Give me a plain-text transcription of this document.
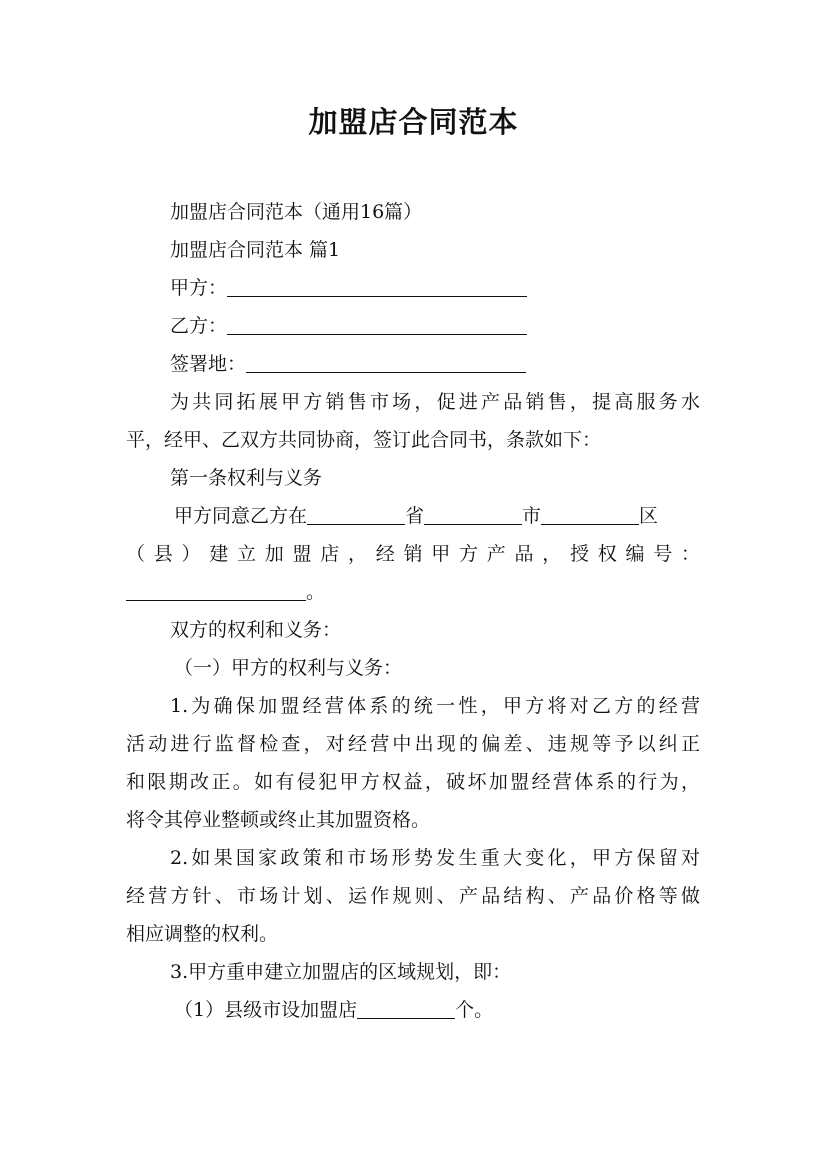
加盟店合同范本

加盟店合同范本（通用16篇）

加盟店合同范本 篇1

甲方：

乙方：

签署地：

为共同拓展甲方销售市场，促进产品销售，提高服务水

平，经甲、乙双方共同协商，签订此合同书，条款如下：

第一条权利与义务

甲方同意乙方在	省	市	区

（县）建立加盟店，经销甲方产品，授权编号：

。

双方的权利和义务：

（一）甲方的权利与义务：

1.为确保加盟经营体系的统一性，甲方将对乙方的经营

活动进行监督检查，对经营中出现的偏差、违规等予以纠正

和限期改正。如有侵犯甲方权益，破坏加盟经营体系的行为，

将令其停业整顿或终止其加盟资格。

2.如果国家政策和市场形势发生重大变化，甲方保留对

经营方针、市场计划、运作规则、产品结构、产品价格等做

相应调整的权利。

3.甲方重申建立加盟店的区域规划，即：

（1）县级市设加盟店	个。
